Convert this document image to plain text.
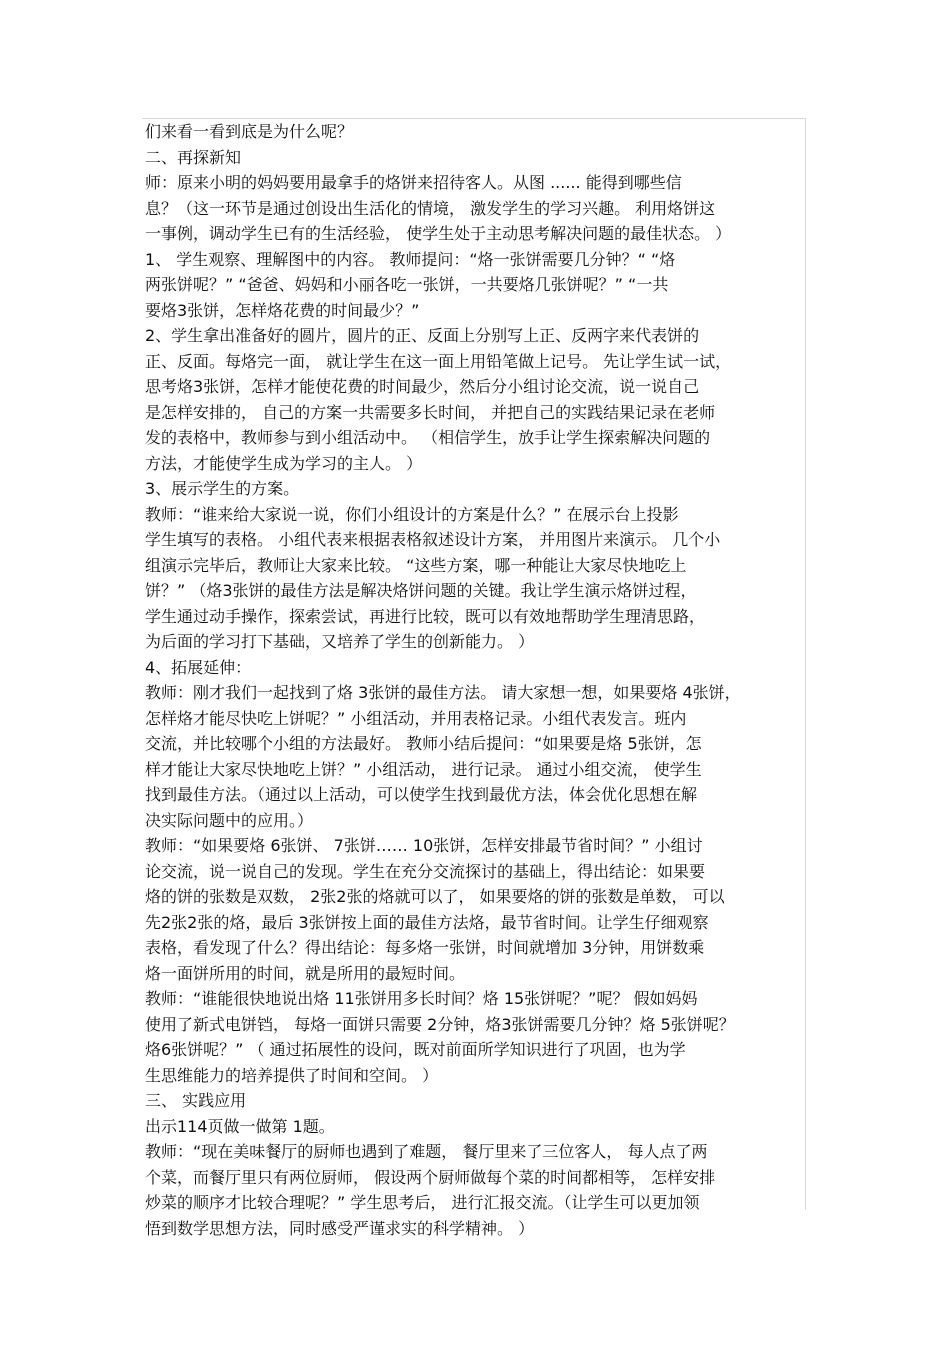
们来看一看到底是为什么呢？
二、再探新知
师：原来小明的妈妈要用最拿手的烙饼来招待客人。从图 ...... 能得到哪些信
息？（这一环节是通过创设出生活化的情境， 激发学生的学习兴趣。 利用烙饼这
一事例，调动学生已有的生活经验， 使学生处于主动思考解决问题的最佳状态。 ）
1、 学生观察、理解图中的内容。 教师提问：“烙一张饼需要几分钟？“ “烙
两张饼呢？” “爸爸、妈妈和小丽各吃一张饼，一共要烙几张饼呢？” “一共
要烙3张饼，怎样烙花费的时间最少？”
2、学生拿出准备好的圆片，圆片的正、反面上分别写上正、反两字来代表饼的
正、反面。每烙完一面， 就让学生在这一面上用铅笔做上记号。 先让学生试一试，
思考烙3张饼，怎样才能使花费的时间最少，然后分小组讨论交流，说一说自己
是怎样安排的， 自己的方案一共需要多长时间， 并把自己的实践结果记录在老师
发的表格中，教师参与到小组活动中。 （相信学生，放手让学生探索解决问题的
方法，才能使学生成为学习的主人。 ）
3、展示学生的方案。
教师：“谁来给大家说一说，你们小组设计的方案是什么？” 在展示台上投影
学生填写的表格。 小组代表来根据表格叙述设计方案， 并用图片来演示。 几个小
组演示完毕后，教师让大家来比较。 “这些方案，哪一种能让大家尽快地吃上
饼？” （烙3张饼的最佳方法是解决烙饼问题的关键。我让学生演示烙饼过程，
学生通过动手操作，探索尝试，再进行比较，既可以有效地帮助学生理清思路，
为后面的学习打下基础，又培养了学生的创新能力。 ）
4、拓展延伸：
教师：刚才我们一起找到了烙 3张饼的最佳方法。 请大家想一想，如果要烙 4张饼，
怎样烙才能尽快吃上饼呢？” 小组活动，并用表格记录。小组代表发言。班内
交流，并比较哪个小组的方法最好。 教师小结后提问：“如果要是烙 5张饼，怎
样才能让大家尽快地吃上饼？” 小组活动， 进行记录。 通过小组交流， 使学生
找到最佳方法。（通过以上活动，可以使学生找到最优方法，体会优化思想在解
决实际问题中的应用。）
教师：“如果要烙 6张饼、 7张饼…… 10张饼，怎样安排最节省时间？” 小组讨
论交流，说一说自己的发现。学生在充分交流探讨的基础上，得出结论：如果要
烙的饼的张数是双数， 2张2张的烙就可以了， 如果要烙的饼的张数是单数， 可以
先2张2张的烙，最后 3张饼按上面的最佳方法烙，最节省时间。让学生仔细观察
表格，看发现了什么？得出结论：每多烙一张饼，时间就增加 3分钟，用饼数乘
烙一面饼所用的时间，就是所用的最短时间。
教师：“谁能很快地说出烙 11张饼用多长时间？烙 15张饼呢？”呢？ 假如妈妈
使用了新式电饼铛， 每烙一面饼只需要 2分钟，烙3张饼需要几分钟？烙 5张饼呢？
烙6张饼呢？” （ 通过拓展性的设问，既对前面所学知识进行了巩固，也为学
生思维能力的培养提供了时间和空间。 ）
三、 实践应用
出示114页做一做第 1题。
教师：“现在美味餐厅的厨师也遇到了难题， 餐厅里来了三位客人， 每人点了两
个菜，而餐厅里只有两位厨师， 假设两个厨师做每个菜的时间都相等， 怎样安排
炒菜的顺序才比较合理呢？” 学生思考后， 进行汇报交流。（让学生可以更加领
悟到数学思想方法，同时感受严谨求实的科学精神。 ）
